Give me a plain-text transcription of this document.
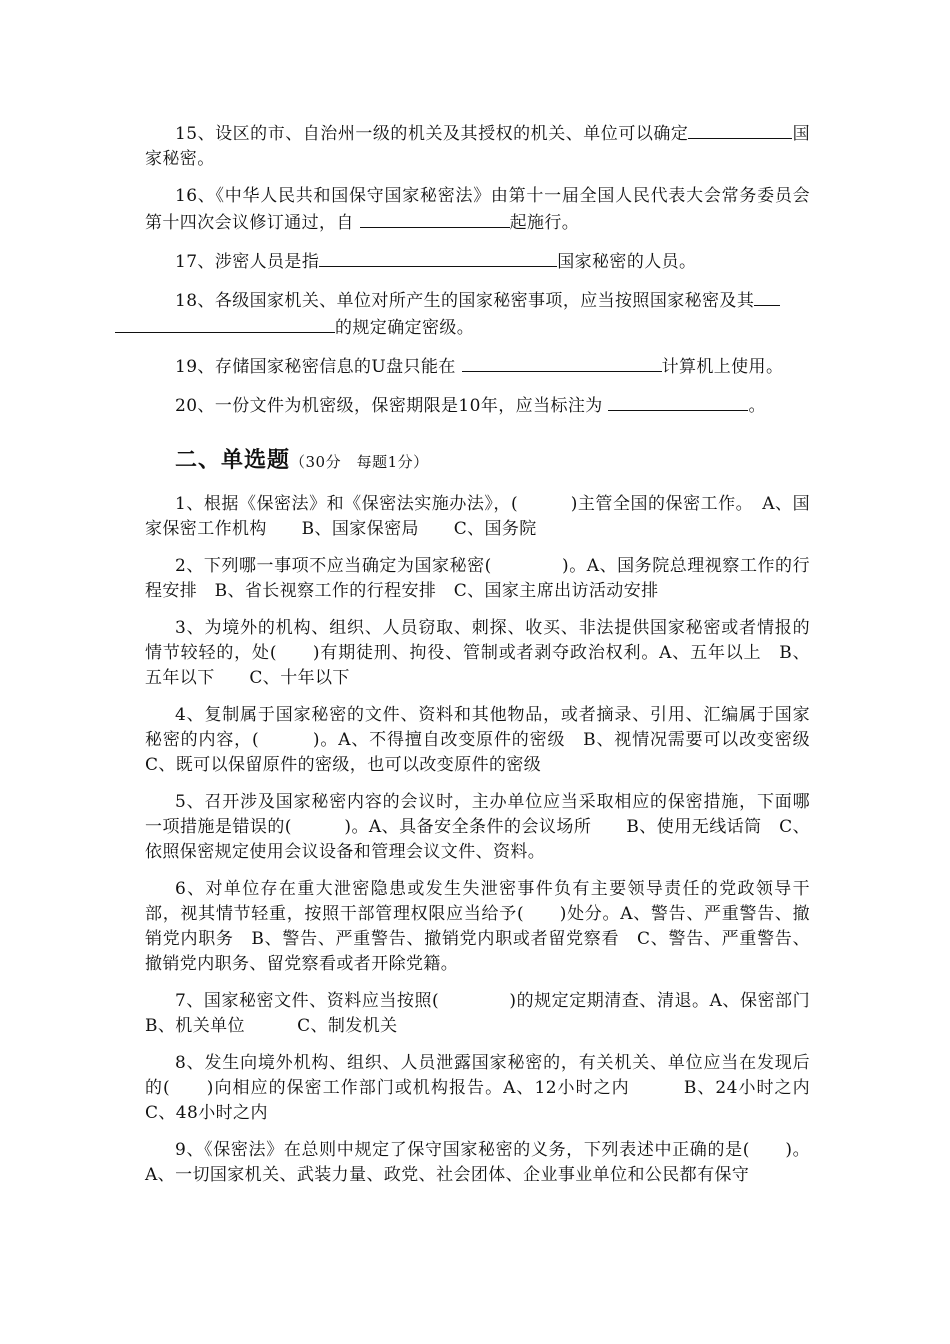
15、设区的市、自治州一级的机关及其授权的机关、单位可以确定	国家秘密。

16、《中华人民共和国保守国家秘密法》由第十一届全国人民代表大会常务委员会第十四次会议修订通过，自	起施行。

17、涉密人员是指	国家秘密的人员。

18、各级国家机关、单位对所产生的国家秘密事项，应当按照国家秘密及其
的规定确定密级。

19、存储国家秘密信息的U盘只能在	计算机上使用。

20、一份文件为机密级，保密期限是10年，应当标注为	。

二、单选题（30分　每题1分）

1、根据《保密法》和《保密法实施办法》，(　　　)主管全国的保密工作。　A、国家保密工作机构　　B、国家保密局　　C、国务院

2、下列哪一事项不应当确定为国家秘密(　　　　)。A、国务院总理视察工作的行程安排　B、省长视察工作的行程安排　C、国家主席出访活动安排

3、为境外的机构、组织、人员窃取、刺探、收买、非法提供国家秘密或者情报的情节较轻的，处(　　)有期徒刑、拘役、管制或者剥夺政治权利。A、五年以上　B、五年以下　　C、十年以下

4、复制属于国家秘密的文件、资料和其他物品，或者摘录、引用、汇编属于国家秘密的内容，(　　　)。A、不得擅自改变原件的密级　B、视情况需要可以改变密级　C、既可以保留原件的密级，也可以改变原件的密级

5、召开涉及国家秘密内容的会议时，主办单位应当采取相应的保密措施，下面哪一项措施是错误的(　　　)。A、具备安全条件的会议场所　　B、使用无线话筒　C、依照保密规定使用会议设备和管理会议文件、资料。

6、对单位存在重大泄密隐患或发生失泄密事件负有主要领导责任的党政领导干部，视其情节轻重，按照干部管理权限应当给予(　　)处分。A、警告、严重警告、撤销党内职务　B、警告、严重警告、撤销党内职或者留党察看　C、警告、严重警告、撤销党内职务、留党察看或者开除党籍。

7、国家秘密文件、资料应当按照(　　　　)的规定定期清查、清退。A、保密部门　　　B、机关单位　　　C、制发机关

8、发生向境外机构、组织、人员泄露国家秘密的，有关机关、单位应当在发现后的(　　)向相应的保密工作部门或机构报告。A、12小时之内　　　B、24小时之内　　C、48小时之内

9、《保密法》在总则中规定了保守国家秘密的义务，下列表述中正确的是(　　)。A、一切国家机关、武装力量、政党、社会团体、企业事业单位和公民都有保守
